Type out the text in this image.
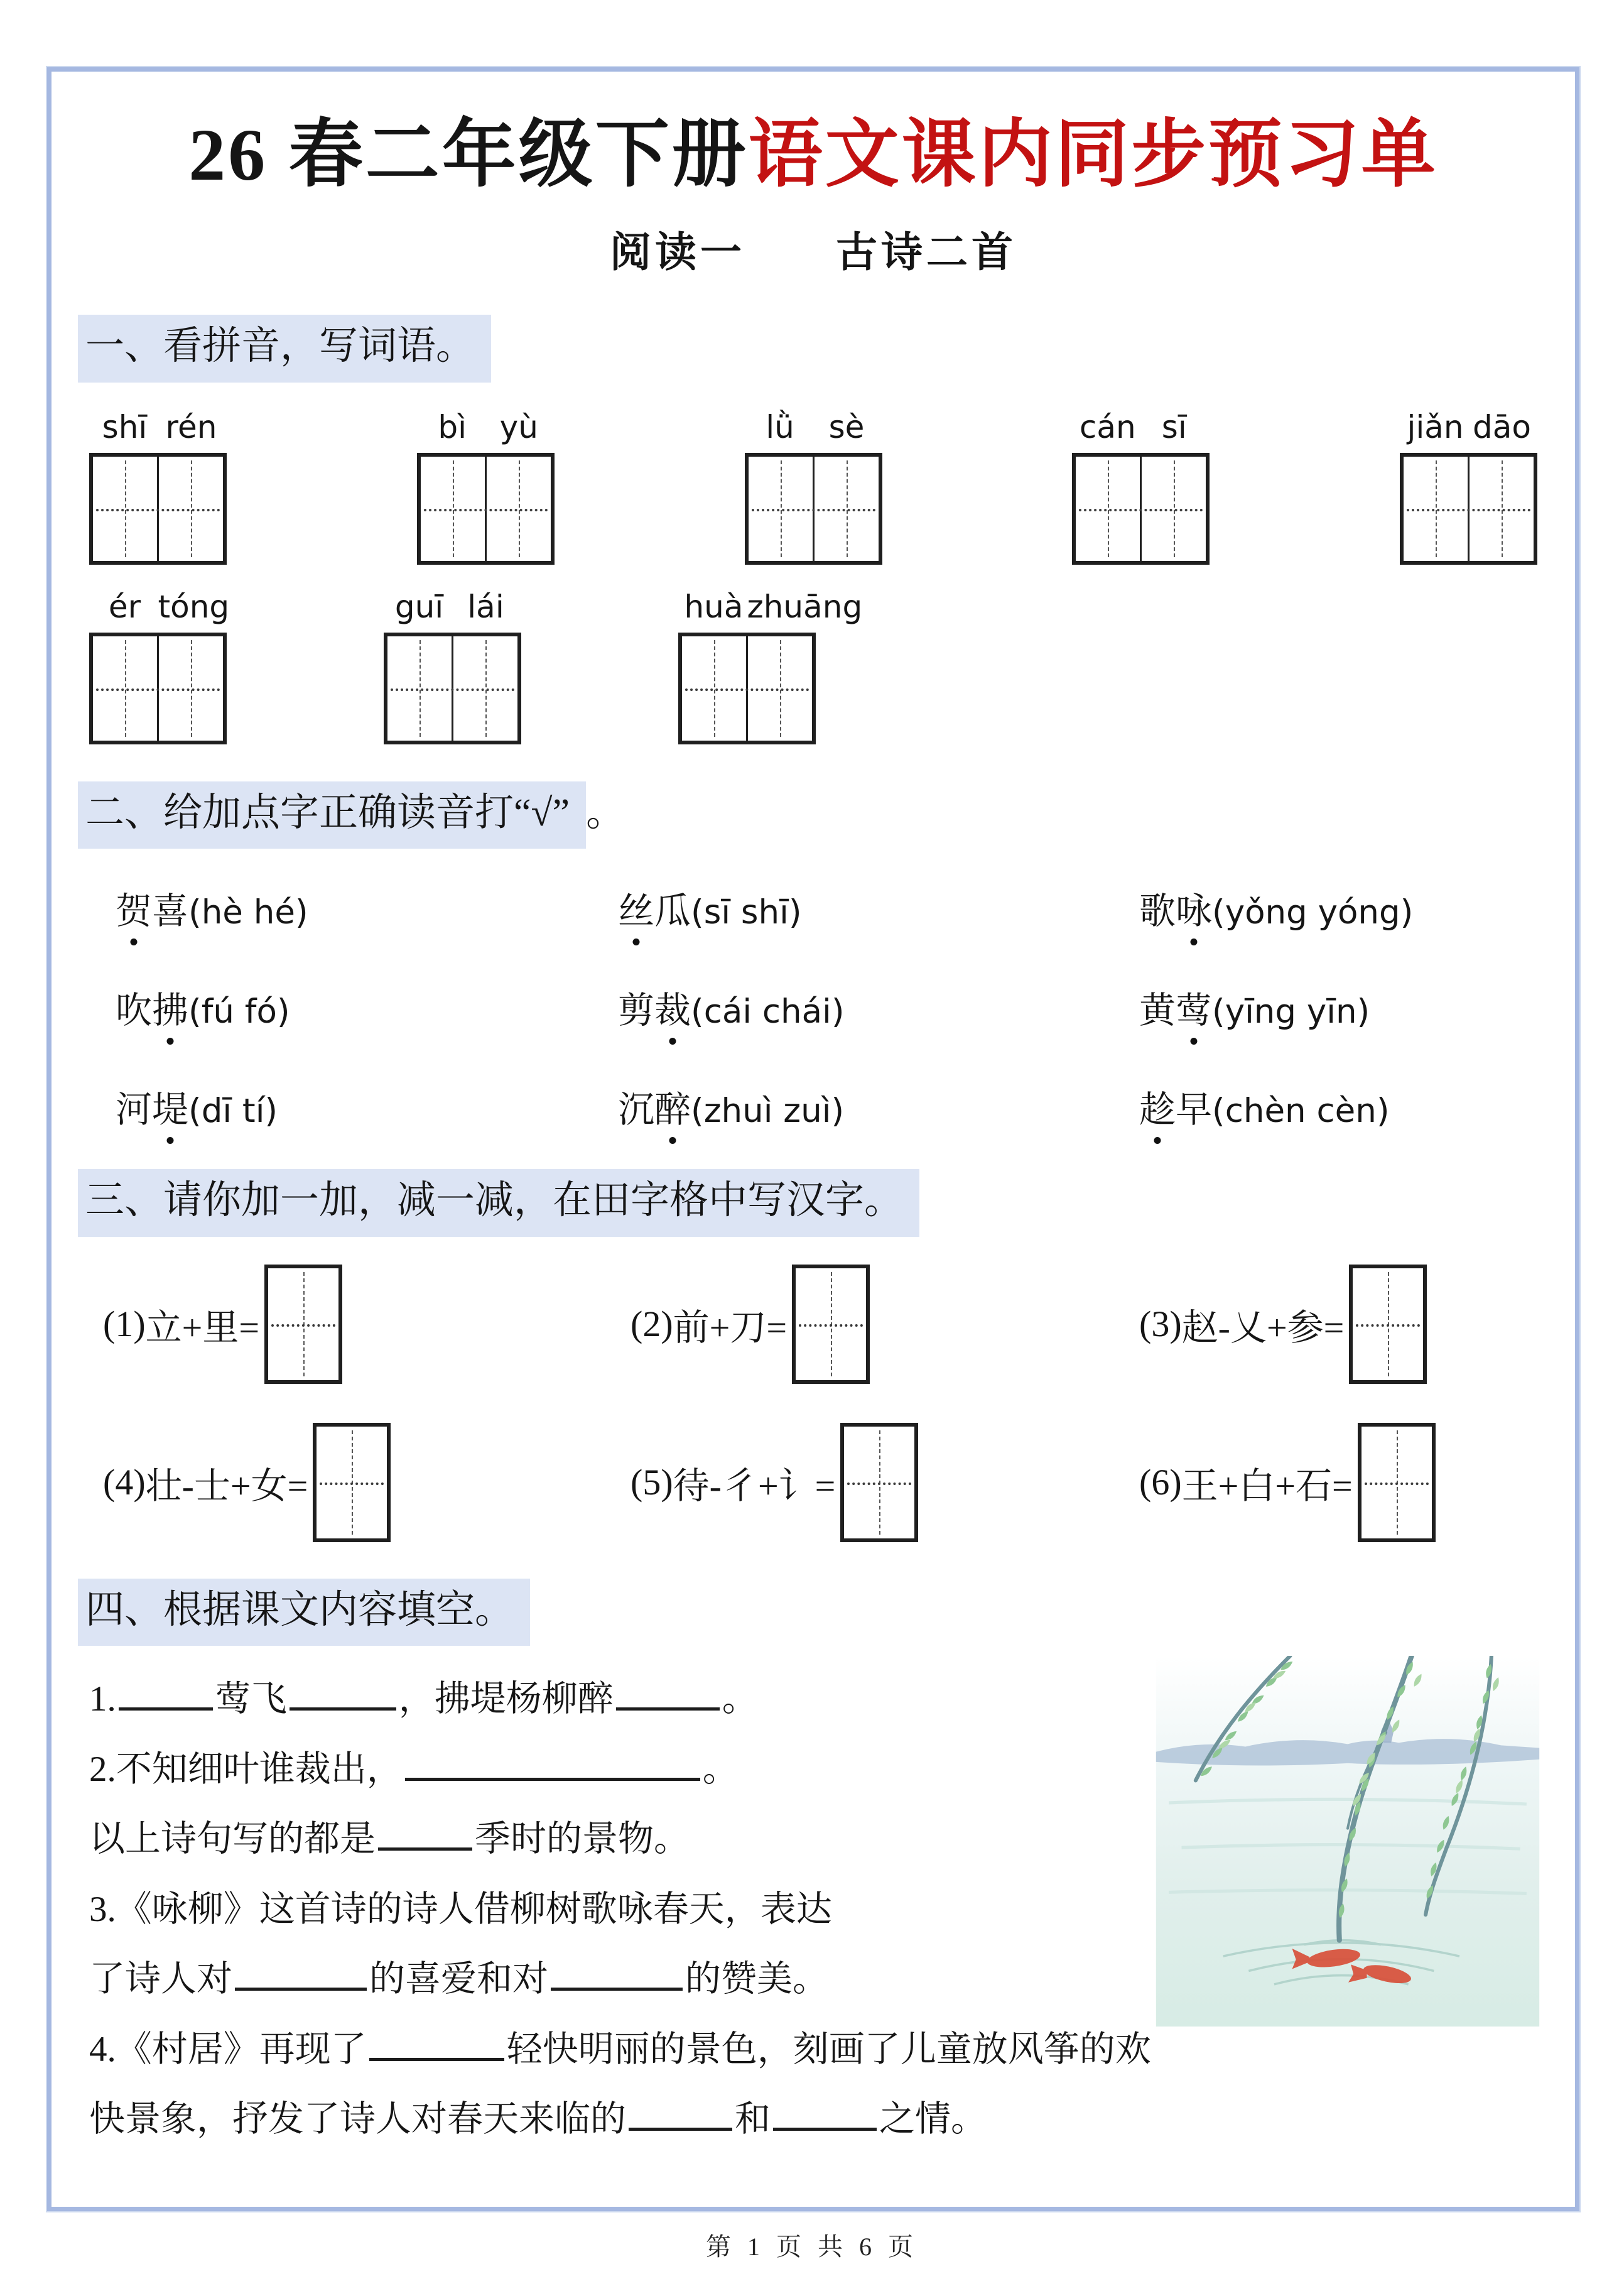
26 春二年级下册语文课内同步预习单
阅读一　　古诗二首
一、看拼音，写词语。
shī rén	bì	yù	lǜ	sè	cán sī	jiǎn dāo
ér tóng	guī lái	huà zhuāng
二、给加点字正确读音打“√” 。
贺喜(hè hé)	丝瓜(sī shī)	歌咏(yǒng yóng)
吹拂(fú fó)	剪裁(cái chái)	黄莺(yīng yīn)
河堤(dī tí)	沉醉(zhuì zuì)	趁早(chèn cèn)
三、请你加一加，减一减，在田字格中写汉字。
(1) 立+里=	(2) 前+刀=	(3) 赵-乂+参=
(4) 壮-士+女=	(5) 待-彳+讠=	(6) 王+白+石=
四、根据课文内容填空。
1.	莺飞	，拂堤杨柳醉	。
2.不知细叶谁裁出，	。
以上诗句写的都是	季时的景物。
3.《咏柳》这首诗的诗人借柳树歌咏春天，表达
了诗人对	的喜爱和对	的赞美。
4.《村居》再现了	轻快明丽的景色，刻画了儿童放风筝的欢
快景象，抒发了诗人对春天来临的	和	之情。
第 1 页 共 6 页
